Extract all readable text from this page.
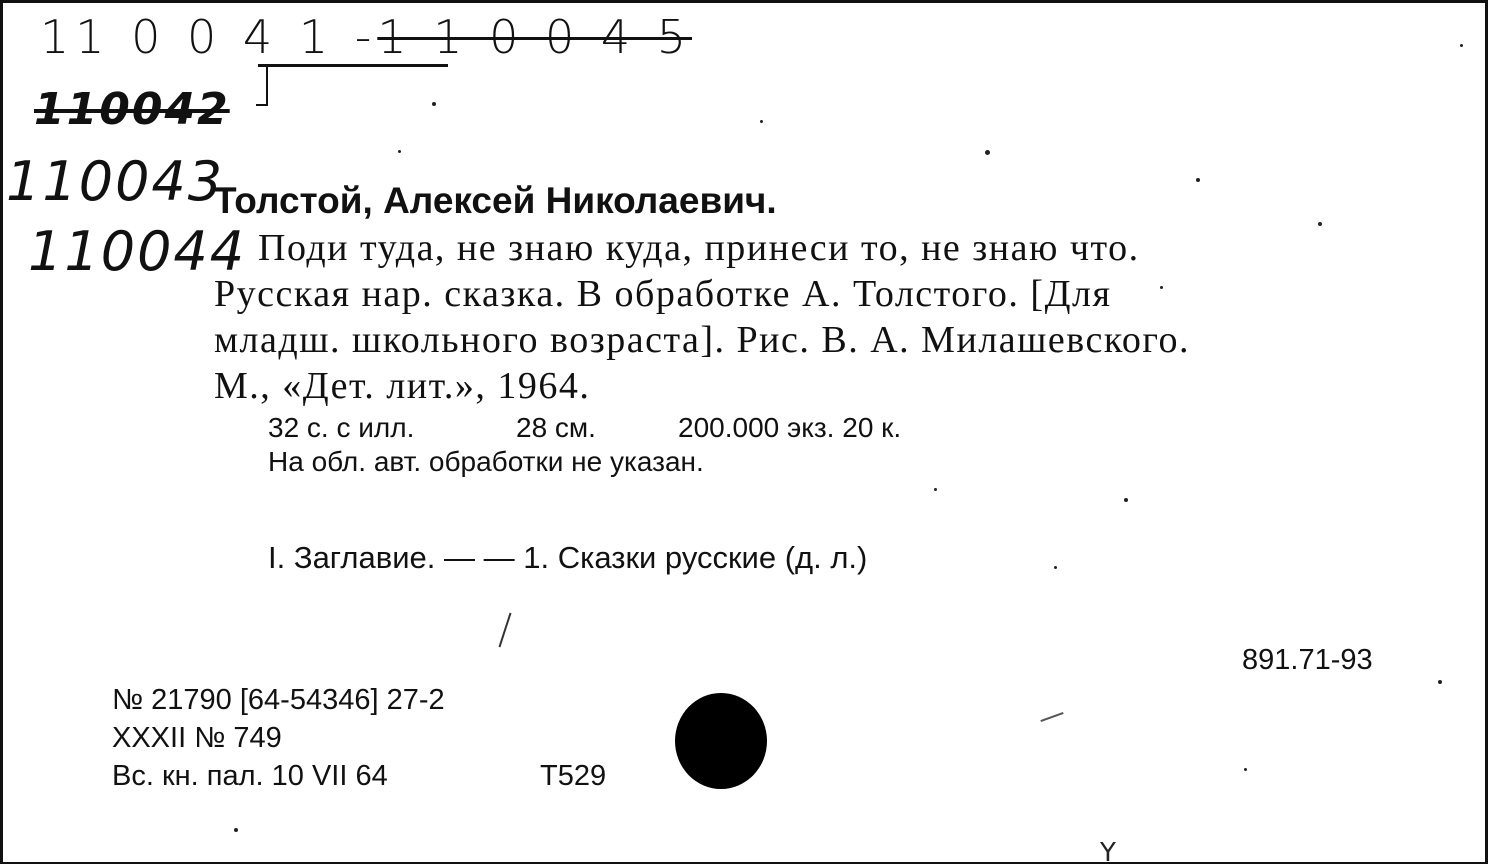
11 0 0 4 1 -1 1 0 0 4 5
110042
110043
110044
Толстой, Алексей Николаевич.
Поди туда, не знаю куда, принеси то, не знаю что.
Русская нар. сказка. В обработке А. Толстого. [Для
младш. школьного возраста]. Рис. В. А. Милашевского.
М., «Дет. лит.», 1964.
32 с. с илл.	28 см.	200.000 экз. 20 к.
На обл. авт. обработки не указан.
I. Заглавие. — — 1. Сказки русские (д. л.)
891.71-93
№ 21790 [64-54346] 27-2
XXXII № 749
Вс. кн. пал. 10 VII 64	Т529
Y
